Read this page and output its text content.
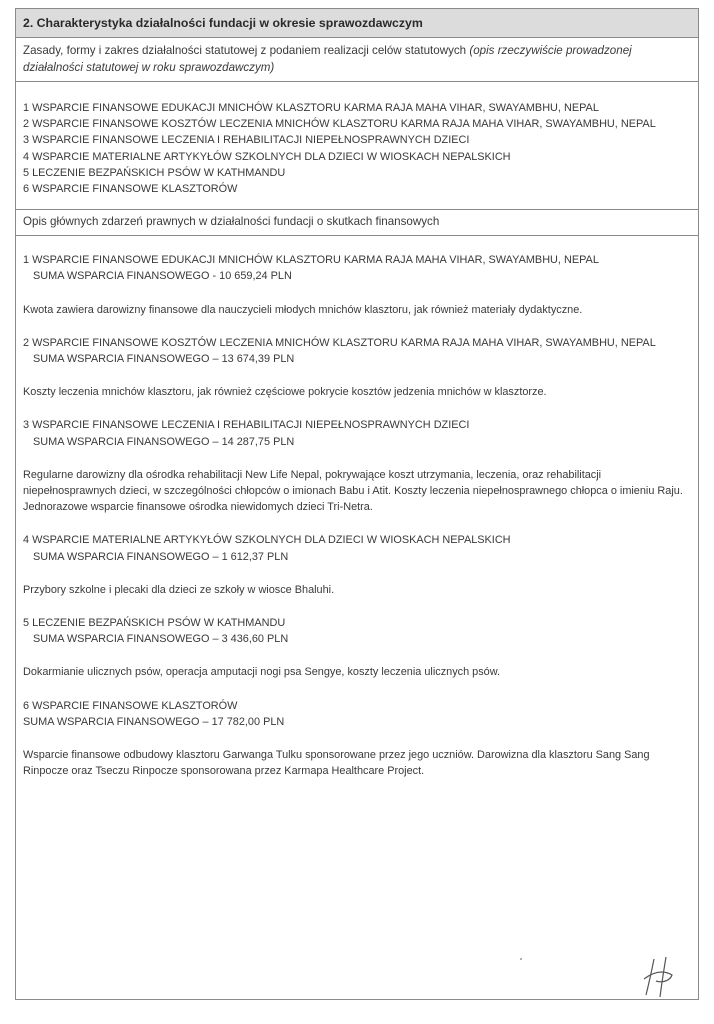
2. Charakterystyka działalności fundacji w okresie sprawozdawczym
Zasady, formy i zakres działalności statutowej z podaniem realizacji celów statutowych (opis rzeczywiście prowadzonej działalności statutowej w roku sprawozdawczym)
1 WSPARCIE FINANSOWE EDUKACJI MNICHÓW KLASZTORU KARMA RAJA MAHA VIHAR, SWAYAMBHU, NEPAL
2 WSPARCIE FINANSOWE KOSZTÓW LECZENIA MNICHÓW KLASZTORU KARMA RAJA MAHA VIHAR, SWAYAMBHU, NEPAL
3 WSPARCIE FINANSOWE LECZENIA I REHABILITACJI NIEPEŁNOSPRAWNYCH DZIECI
4 WSPARCIE MATERIALNE ARTYKYŁÓW SZKOLNYCH DLA DZIECI W WIOSKACH NEPALSKICH
5 LECZENIE BEZPAŃSKICH PSÓW W KATHMANDU
6 WSPARCIE FINANSOWE KLASZTORÓW
Opis głównych zdarzeń prawnych w działalności fundacji o skutkach finansowych
1 WSPARCIE FINANSOWE EDUKACJI MNICHÓW KLASZTORU KARMA RAJA MAHA VIHAR, SWAYAMBHU, NEPAL
SUMA WSPARCIA FINANSOWEGO - 10 659,24 PLN
Kwota zawiera darowizny finansowe dla nauczycieli młodych mnichów klasztoru, jak również materiały dydaktyczne.
2 WSPARCIE FINANSOWE KOSZTÓW LECZENIA MNICHÓW KLASZTORU KARMA RAJA MAHA VIHAR, SWAYAMBHU, NEPAL
SUMA WSPARCIA FINANSOWEGO – 13 674,39 PLN
Koszty leczenia mnichów klasztoru, jak również częściowe pokrycie kosztów jedzenia mnichów w klasztorze.
3 WSPARCIE FINANSOWE LECZENIA I REHABILITACJI NIEPEŁNOSPRAWNYCH DZIECI
SUMA WSPARCIA FINANSOWEGO – 14 287,75 PLN
Regularne darowizny dla ośrodka rehabilitacji New Life Nepal, pokrywające koszt utrzymania, leczenia, oraz rehabilitacji niepełnosprawnych dzieci, w szczególności chłopców o imionach Babu i Atit. Koszty leczenia niepełnosprawnego chłopca o imieniu Raju. Jednorazowe wsparcie finansowe ośrodka niewidomych dzieci Tri-Netra.
4 WSPARCIE MATERIALNE ARTYKYŁÓW SZKOLNYCH DLA DZIECI W WIOSKACH NEPALSKICH
SUMA WSPARCIA FINANSOWEGO – 1 612,37 PLN
Przybory szkolne i plecaki dla dzieci ze szkoły w wiosce Bhaluhi.
5 LECZENIE BEZPAŃSKICH PSÓW W KATHMANDU
SUMA WSPARCIA FINANSOWEGO – 3 436,60 PLN
Dokarmianie ulicznych psów, operacja amputacji nogi psa Sengye, koszty leczenia ulicznych psów.
6 WSPARCIE FINANSOWE KLASZTORÓW
SUMA WSPARCIA FINANSOWEGO – 17 782,00 PLN
Wsparcie finansowe odbudowy klasztoru Garwanga Tulku sponsorowane przez jego uczniów. Darowizna dla klasztoru Sang Sang Rinpocze oraz Tseczu Rinpocze sponsorowana przez Karmapa Healthcare Project.
